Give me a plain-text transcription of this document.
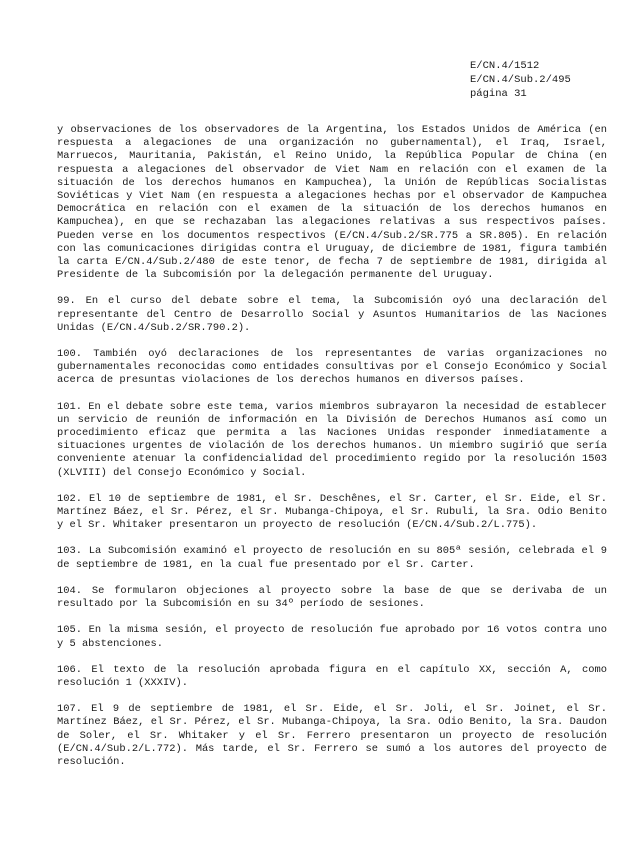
E/CN.4/1512
E/CN.4/Sub.2/495
página 31

y observaciones de los observadores de la Argentina, los Estados Unidos de América (en respuesta a alegaciones de una organización no gubernamental), el Iraq, Israel, Marruecos, Mauritania, Pakistán, el Reino Unido, la República Popular de China (en respuesta a alegaciones del observador de Viet Nam en relación con el examen de la situación de los derechos humanos en Kampuchea), la Unión de Repúblicas Socialistas Soviéticas y Viet Nam (en respuesta a alegaciones hechas por el observador de Kampuchea Democrática en relación con el examen de la situación de los derechos humanos en Kampuchea), en que se rechazaban las alegaciones relativas a sus respectivos países. Pueden verse en los documentos respectivos (E/CN.4/Sub.2/SR.775 a SR.805). En relación con las comunicaciones dirigidas contra el Uruguay, de diciembre de 1981, figura también la carta E/CN.4/Sub.2/480 de este tenor, de fecha 7 de septiembre de 1981, dirigida al Presidente de la Subcomisión por la delegación permanente del Uruguay.

99. En el curso del debate sobre el tema, la Subcomisión oyó una declaración del representante del Centro de Desarrollo Social y Asuntos Humanitarios de las Naciones Unidas (E/CN.4/Sub.2/SR.790.2).

100. También oyó declaraciones de los representantes de varias organizaciones no gubernamentales reconocidas como entidades consultivas por el Consejo Económico y Social acerca de presuntas violaciones de los derechos humanos en diversos países.

101. En el debate sobre este tema, varios miembros subrayaron la necesidad de establecer un servicio de reunión de información en la División de Derechos Humanos así como un procedimiento eficaz que permita a las Naciones Unidas responder inmediatamente a situaciones urgentes de violación de los derechos humanos. Un miembro sugirió que sería conveniente atenuar la confidencialidad del procedimiento regido por la resolución 1503 (XLVIII) del Consejo Económico y Social.

102. El 10 de septiembre de 1981, el Sr. Deschênes, el Sr. Carter, el Sr. Eide, el Sr. Martínez Báez, el Sr. Pérez, el Sr. Mubanga-Chipoya, el Sr. Rubuli, la Sra. Odio Benito y el Sr. Whitaker presentaron un proyecto de resolución (E/CN.4/Sub.2/L.775).

103. La Subcomisión examinó el proyecto de resolución en su 805ª sesión, celebrada el 9 de septiembre de 1981, en la cual fue presentado por el Sr. Carter.

104. Se formularon objeciones al proyecto sobre la base de que se derivaba de un resultado por la Subcomisión en su 34º período de sesiones.

105. En la misma sesión, el proyecto de resolución fue aprobado por 16 votos contra uno y 5 abstenciones.

106. El texto de la resolución aprobada figura en el capítulo XX, sección A, como resolución 1 (XXXIV).

107. El 9 de septiembre de 1981, el Sr. Eide, el Sr. Joli, el Sr. Joinet, el Sr. Martínez Báez, el Sr. Pérez, el Sr. Mubanga-Chipoya, la Sra. Odio Benito, la Sra. Daudon de Soler, el Sr. Whitaker y el Sr. Ferrero presentaron un proyecto de resolución (E/CN.4/Sub.2/L.772). Más tarde, el Sr. Ferrero se sumó a los autores del proyecto de resolución.
